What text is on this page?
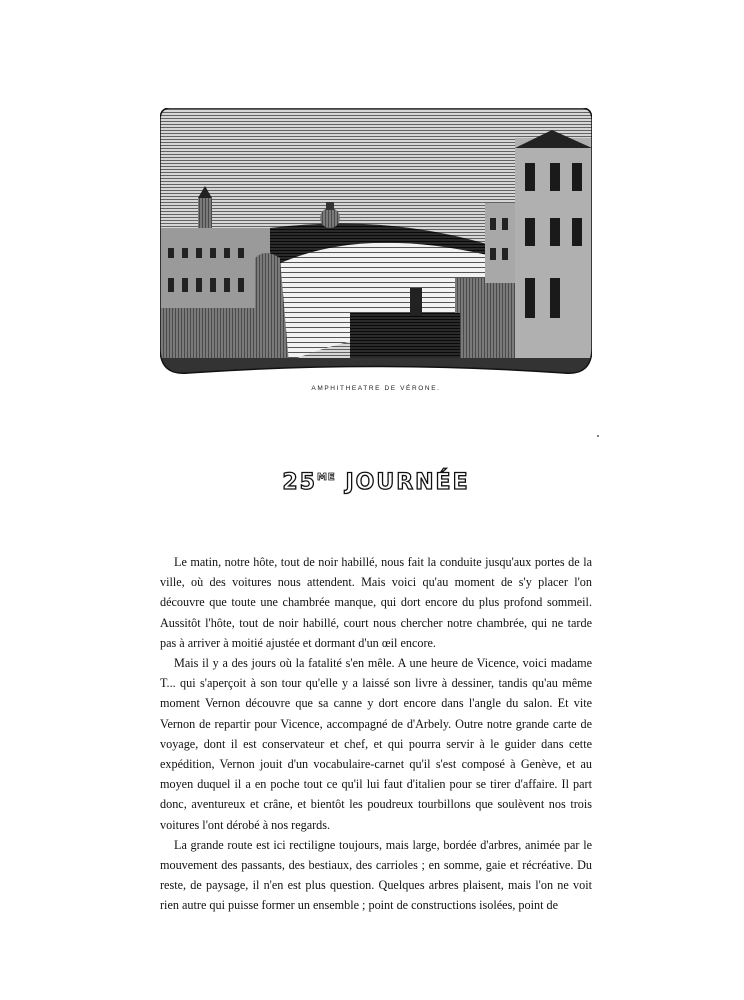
AMPHITHEATRE DE VÉRONE.
$25^{ME}$ JOURNÉE

Le matin, notre hôte, tout de noir habillé, nous fait la conduite jusqu'aux portes de la ville, où des voitures nous attendent. Mais voici qu'au moment de s'y placer l'on découvre que toute une chambrée manque, qui dort encore du plus profond sommeil. Aussitôt l'hôte, tout de noir habillé, court nous chercher notre chambrée, qui ne tarde pas à arriver à moitié ajustée et dormant d'un œil encore.

Mais il y a des jours où la fatalité s'en mêle. A une heure de Vicence, voici madame T... qui s'aperçoit à son tour qu'elle y a laissé son livre à dessiner, tandis qu'au même moment Vernon découvre que sa canne y dort encore dans l'angle du salon. Et vite Vernon de repartir pour Vicence, accompagné de d'Arbely. Outre notre grande carte de voyage, dont il est conservateur et chef, et qui pourra servir à le guider dans cette expédition, Vernon jouit d'un vocabulaire-carnet qu'il s'est composé à Genève, et au moyen duquel il a en poche tout ce qu'il lui faut d'italien pour se tirer d'affaire. Il part donc, aventureux et crâne, et bientôt les poudreux tourbillons que soulèvent nos trois voitures l'ont dérobé à nos regards.

La grande route est ici rectiligne toujours, mais large, bordée d'arbres, animée par le mouvement des passants, des bestiaux, des carrioles ; en somme, gaie et récréative. Du reste, de paysage, il n'en est plus question. Quelques arbres plaisent, mais l'on ne voit rien autre qui puisse former un ensemble ; point de constructions isolées, point de
